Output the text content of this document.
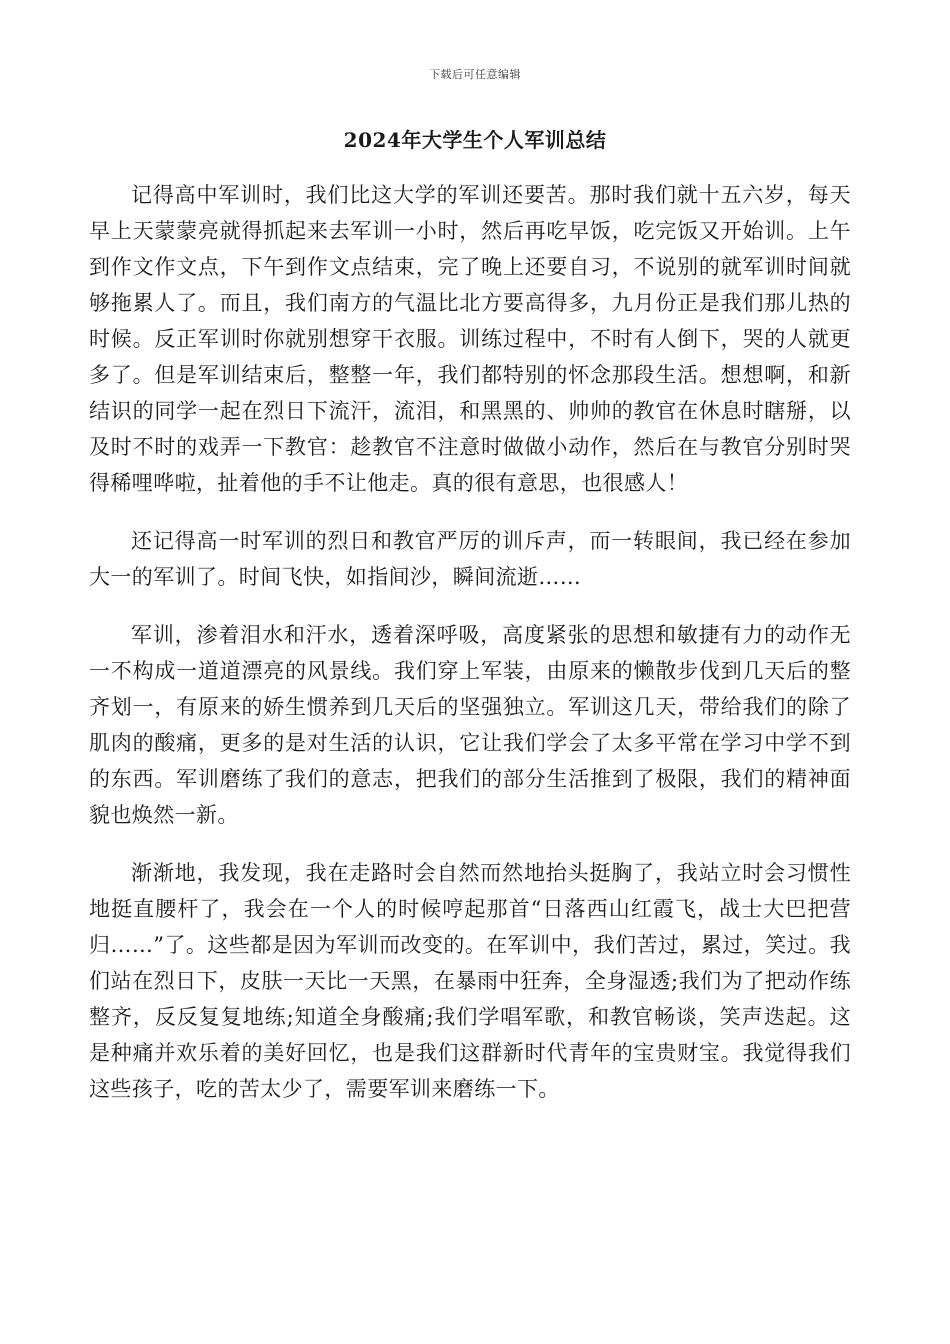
下载后可任意编辑
2024年大学生个人军训总结

记得高中军训时，我们比这大学的军训还要苦。那时我们就十五六岁，每天早上天蒙蒙亮就得抓起来去军训一小时，然后再吃早饭，吃完饭又开始训。上午到作文作文点，下午到作文点结束，完了晚上还要自习，不说别的就军训时间就够拖累人了。而且，我们南方的气温比北方要高得多，九月份正是我们那儿热的时候。反正军训时你就别想穿干衣服。训练过程中，不时有人倒下，哭的人就更多了。但是军训结束后，整整一年，我们都特别的怀念那段生活。想想啊，和新结识的同学一起在烈日下流汗，流泪，和黑黑的、帅帅的教官在休息时瞎掰，以及时不时的戏弄一下教官：趁教官不注意时做做小动作，然后在与教官分别时哭得稀哩哗啦，扯着他的手不让他走。真的很有意思，也很感人！

还记得高一时军训的烈日和教官严厉的训斥声，而一转眼间，我已经在参加大一的军训了。时间飞快，如指间沙，瞬间流逝……

军训，渗着泪水和汗水，透着深呼吸，高度紧张的思想和敏捷有力的动作无一不构成一道道漂亮的风景线。我们穿上军装，由原来的懒散步伐到几天后的整齐划一，有原来的娇生惯养到几天后的坚强独立。军训这几天，带给我们的除了肌肉的酸痛，更多的是对生活的认识，它让我们学会了太多平常在学习中学不到的东西。军训磨练了我们的意志，把我们的部分生活推到了极限，我们的精神面貌也焕然一新。

渐渐地，我发现，我在走路时会自然而然地抬头挺胸了，我站立时会习惯性地挺直腰杆了，我会在一个人的时候哼起那首“日落西山红霞飞，战士大巴把营归……”了。这些都是因为军训而改变的。在军训中，我们苦过，累过，笑过。我们站在烈日下，皮肤一天比一天黑，在暴雨中狂奔，全身湿透;我们为了把动作练整齐，反反复复地练;知道全身酸痛;我们学唱军歌，和教官畅谈，笑声迭起。这是种痛并欢乐着的美好回忆，也是我们这群新时代青年的宝贵财宝。我觉得我们这些孩子，吃的苦太少了，需要军训来磨练一下。
